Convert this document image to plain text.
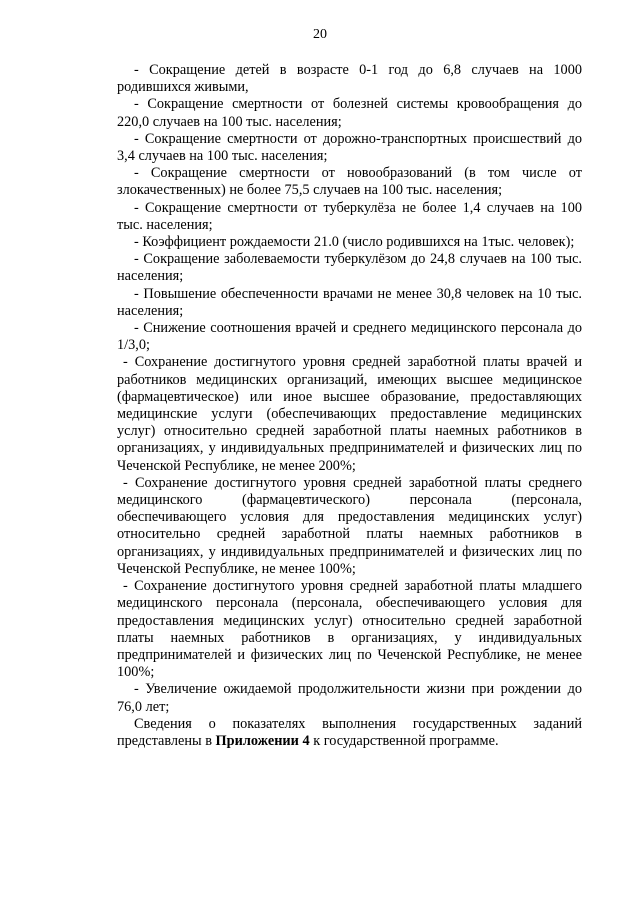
20

- Сокращение детей в возрасте 0-1 год до 6,8 случаев на 1000 родившихся живыми,

- Сокращение смертности от болезней системы кровообращения до 220,0 случаев на 100 тыс. населения;

- Сокращение смертности от дорожно-транспортных происшествий до 3,4 случаев на 100 тыс. населения;

- Сокращение смертности от новообразований (в том числе от злокачественных) не более 75,5 случаев на 100 тыс. населения;

- Сокращение смертности от туберкулёза не более 1,4 случаев на 100 тыс. населения;

- Коэффициент рождаемости 21.0 (число родившихся на 1тыс. человек);

- Сокращение заболеваемости туберкулёзом до 24,8 случаев на 100 тыс. населения;

- Повышение обеспеченности врачами не менее 30,8 человек на 10 тыс. населения;

- Снижение соотношения врачей и среднего медицинского персонала до 1/3,0;

- Сохранение достигнутого уровня средней заработной платы врачей и работников медицинских организаций, имеющих высшее медицинское (фармацевтическое) или иное высшее образование, предоставляющих медицинские услуги (обеспечивающих предоставление медицинских услуг) относительно средней заработной платы наемных работников в организациях, у индивидуальных предпринимателей и физических лиц по Чеченской Республике, не менее 200%;

- Сохранение достигнутого уровня средней заработной платы среднего медицинского (фармацевтического) персонала (персонала, обеспечивающего условия для предоставления медицинских услуг) относительно средней заработной платы наемных работников в организациях, у индивидуальных предпринимателей и физических лиц по Чеченской Республике, не менее 100%;

- Сохранение достигнутого уровня средней заработной платы младшего медицинского персонала (персонала, обеспечивающего условия для предоставления медицинских услуг) относительно средней заработной платы наемных работников в организациях, у индивидуальных предпринимателей и физических лиц по Чеченской Республике, не менее 100%;

- Увеличение ожидаемой продолжительности жизни при рождении до 76,0 лет;

Сведения о показателях выполнения государственных заданий представлены в Приложении 4 к государственной программе.
